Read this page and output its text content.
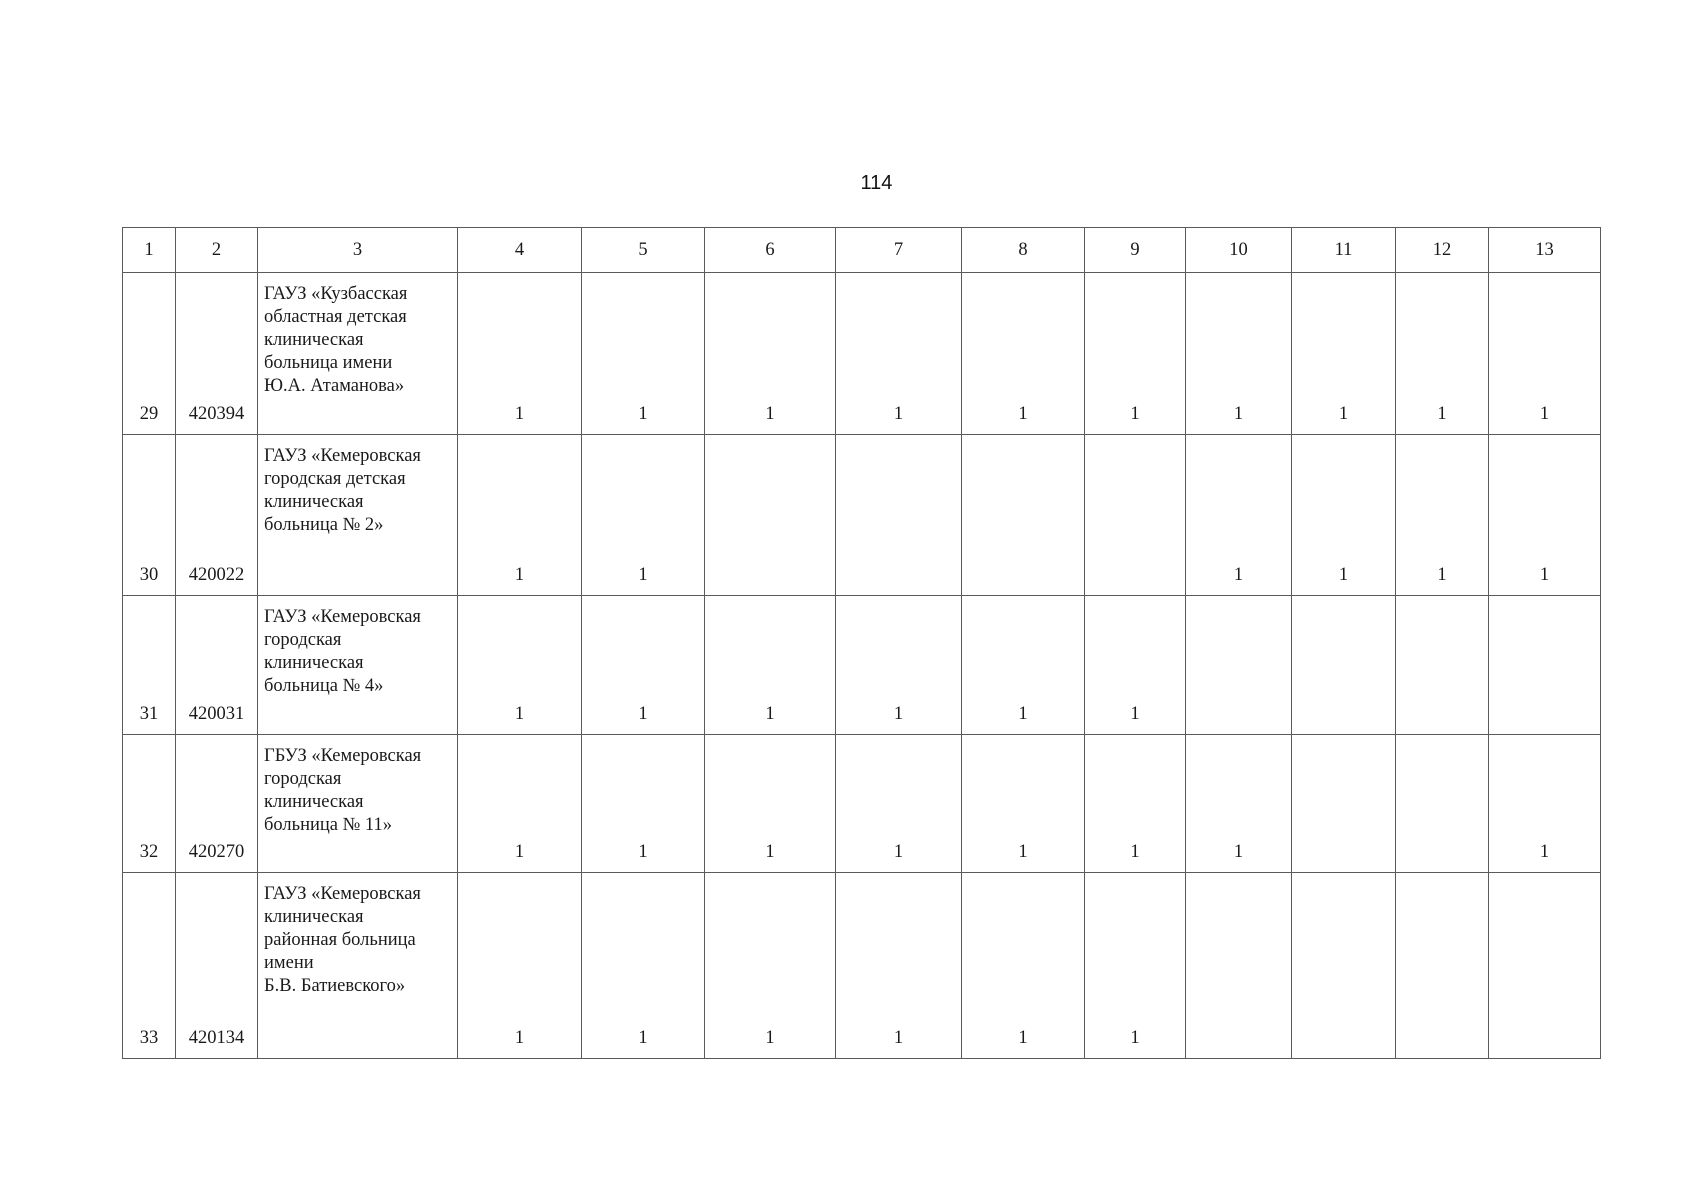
114
1	2	3	4	5	6	7	8	9	10	11	12	13
29	420394	ГАУЗ «Кузбасская
областная детская
клиническая
больница имени
Ю.А. Атаманова»	1	1	1	1	1	1	1	1	1	1
30	420022	ГАУЗ «Кемеровская
городская детская
клиническая
больница № 2»	1	1					1	1	1	1
31	420031	ГАУЗ «Кемеровская
городская
клиническая
больница № 4»	1	1	1	1	1	1				
32	420270	ГБУЗ «Кемеровская
городская
клиническая
больница № 11»	1	1	1	1	1	1	1			1
33	420134	ГАУЗ «Кемеровская
клиническая
районная больница
имени
Б.В. Батиевского»	1	1	1	1	1	1				
